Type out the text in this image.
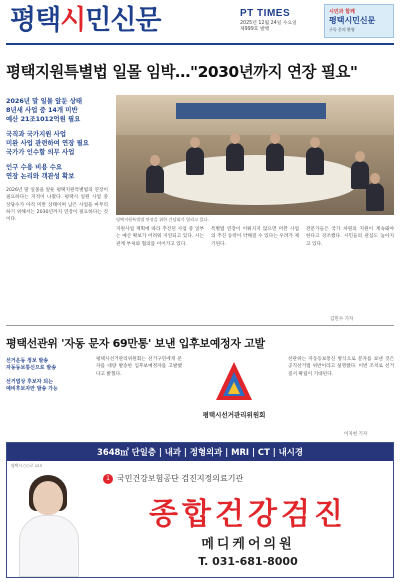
평택시민신문	PT TIMES
2025년 12월 24일 수요일
제999호 발행
시민과 함께
평택시민신문
구독 문의 환영
평택지원특별법 일몰 임박…"2030년까지 연장 필요"
2026년 말 일몰 앞둔 상태
8년새 사업 중 14개 미반
예산 21조1012억원 필요
국직과 국가지원 사업
미완 사업 관련하여 연장 필요
국가가 인수할 의무 사업
인구 수용 비용 수요
연장 논리와 객관성 확보
2026년 말 일몰을 앞둔 평택지원특별법의 연장이 필요하다는 지적이 나왔다. 평택시 일원 사업 중 상당수가 아직 미완 상태이며 남은 사업을 마무리하기 위해서는 2030년까지 연장이 필요하다는 것이다.	평택지원특별법 연장을 위한 간담회가 열리고 있다.
지원사업 계획에 따라 추진된 사업 중 일부는 예산 확보가 어려워 지연되고 있다. 시는 관계 부처와 협의를 이어가고 있다.
특별법 연장이 이뤄지지 않으면 미완 사업의 추진 동력이 약해질 수 있다는 우려가 제기된다.
전문가들은 국가 차원의 지원이 계속돼야 한다고 강조했다. 시민들의 관심도 높아지고 있다.
김민수 기자
평택선관위 '자동 문자 69만통' 보낸 입후보예정자 고발
선거운동 정보 발송
자동동보통신으로 발송
선거법상 후보자 되는
예비후보자만 발송 가능
평택시선거관리위원회는 선거구민에게 문자를 대량 발송한 입후보예정자를 고발했다고 밝혔다.
평택시선거관리위원회
선관위는 자동동보통신 방식으로 문자를 보낸 것은 공직선거법 위반이라고 설명했다. 이번 조치로 선거 질서 확립이 기대된다.
이지현 기자
3648㎡ 단일층 | 내과 | 정형외과 | MRI | CT | 내시경
평택시 ○○로 123
1 국민건강보험공단 검진지정의료기관
종합건강검진
메디케어의원
T. 031-681-8000
